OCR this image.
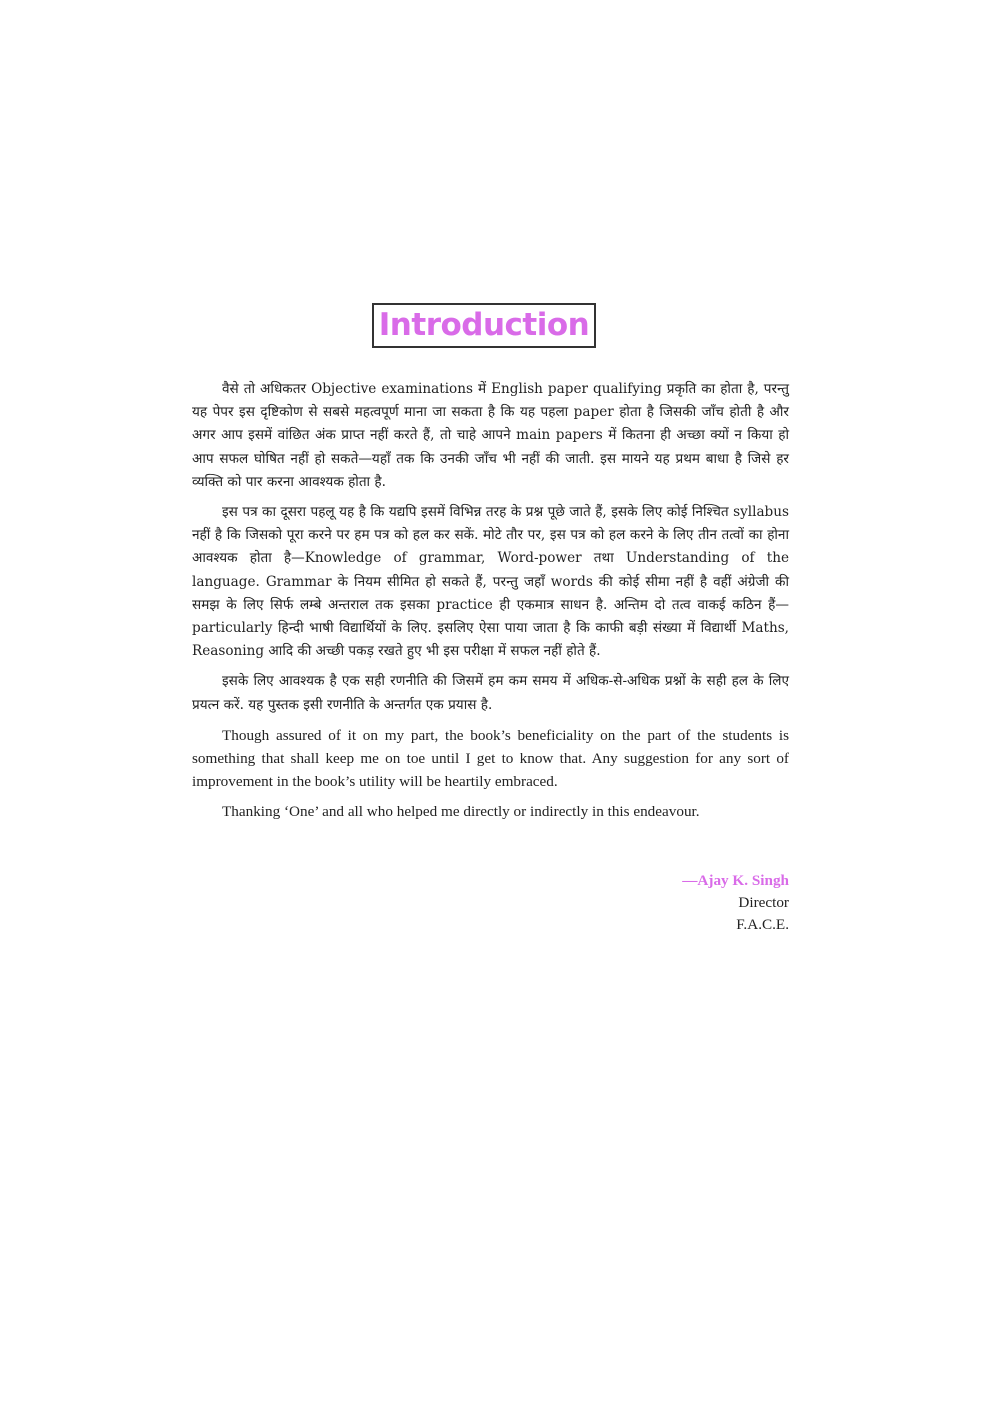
Introduction

वैसे तो अधिकतर Objective examinations में English paper qualifying प्रकृति का होता है, परन्तु यह पेपर इस दृष्टिकोण से सबसे महत्वपूर्ण माना जा सकता है कि यह पहला paper होता है जिसकी जाँच होती है और अगर आप इसमें वांछित अंक प्राप्त नहीं करते हैं, तो चाहे आपने main papers में कितना ही अच्छा क्यों न किया हो आप सफल घोषित नहीं हो सकते—यहाँ तक कि उनकी जाँच भी नहीं की जाती. इस मायने यह प्रथम बाधा है जिसे हर व्यक्ति को पार करना आवश्यक होता है.

इस पत्र का दूसरा पहलू यह है कि यद्यपि इसमें विभिन्न तरह के प्रश्न पूछे जाते हैं, इसके लिए कोई निश्चित syllabus नहीं है कि जिसको पूरा करने पर हम पत्र को हल कर सकें. मोटे तौर पर, इस पत्र को हल करने के लिए तीन तत्वों का होना आवश्यक होता है—Knowledge of grammar, Word-power तथा Understanding of the language. Grammar के नियम सीमित हो सकते हैं, परन्तु जहाँ words की कोई सीमा नहीं है वहीं अंग्रेजी की समझ के लिए सिर्फ लम्बे अन्तराल तक इसका practice ही एकमात्र साधन है. अन्तिम दो तत्व वाकई कठिन हैं—particularly हिन्दी भाषी विद्यार्थियों के लिए. इसलिए ऐसा पाया जाता है कि काफी बड़ी संख्या में विद्यार्थी Maths, Reasoning आदि की अच्छी पकड़ रखते हुए भी इस परीक्षा में सफल नहीं होते हैं.

इसके लिए आवश्यक है एक सही रणनीति की जिसमें हम कम समय में अधिक-से-अधिक प्रश्नों के सही हल के लिए प्रयत्न करें. यह पुस्तक इसी रणनीति के अन्तर्गत एक प्रयास है.

Though assured of it on my part, the book’s beneficiality on the part of the students is something that shall keep me on toe until I get to know that. Any suggestion for any sort of improvement in the book’s utility will be heartily embraced.

Thanking ‘One’ and all who helped me directly or indirectly in this endeavour.

—Ajay K. Singh
Director
F.A.C.E.
